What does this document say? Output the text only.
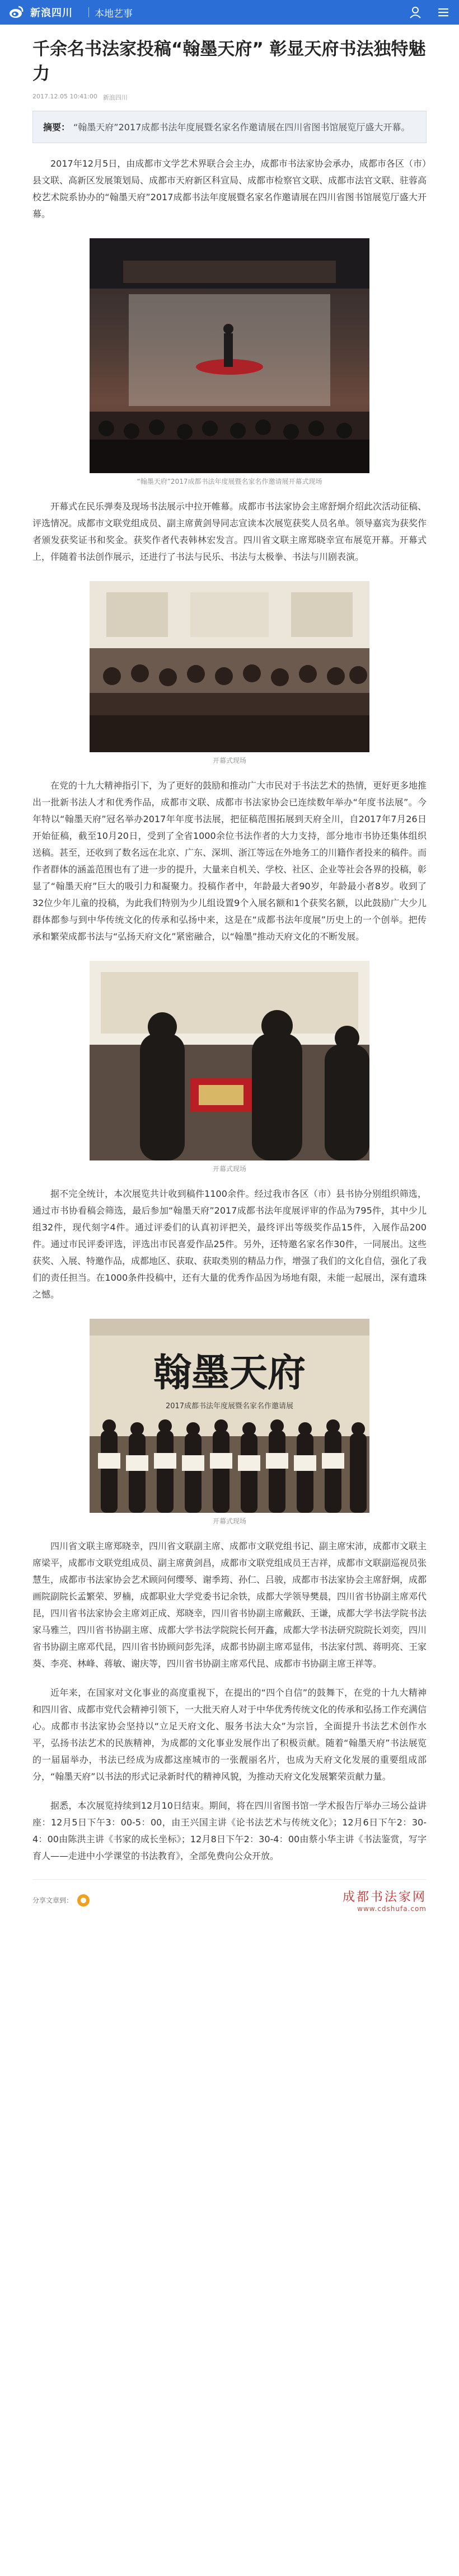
新浪四川 本地艺事
千余名书法家投稿“翰墨天府” 彰显天府书法独特魅力
2017.12.05 10:41:00 新浪四川
摘要： “翰墨天府”2017成都书法年度展暨名家名作邀请展在四川省图书馆展览厅盛大开幕。

2017年12月5日，由成都市文学艺术界联合会主办，成都市书法家协会承办，成都市各区（市）县文联、高新区发展策划局、成都市天府新区科宣局、成都市检察官文联、成都市法官文联、驻蓉高校艺术院系协办的“翰墨天府”2017成都书法年度展暨名家名作邀请展在四川省图书馆展览厅盛大开幕。

“翰墨天府”2017成都书法年度展暨名家名作邀请展开幕式现场

开幕式在民乐弹奏及现场书法展示中拉开帷幕。成都市书法家协会主席舒炯介绍此次活动征稿、评选情况。成都市文联党组成员、副主席黄剑导同志宣读本次展览获奖人员名单。领导嘉宾为获奖作者颁发获奖证书和奖金。获奖作者代表韩林宏发言。四川省文联主席郑晓幸宣布展览开幕。开幕式上，伴随着书法创作展示，还进行了书法与民乐、书法与太极拳、书法与川剧表演。

开幕式现场

在党的十九大精神指引下，为了更好的鼓励和推动广大市民对于书法艺术的热情，更好更多地推出一批新书法人才和优秀作品，成都市文联、成都市书法家协会已连续数年举办“年度书法展”。今年特以“翰墨天府”冠名举办2017年年度书法展，把征稿范围拓展到天府全川，自2017年7月26日开始征稿，截至10月20日，受到了全省1000余位书法作者的大力支持，部分地市书协还集体组织送稿。甚至，还收到了数名远在北京、广东、深圳、浙江等远在外地务工的川籍作者投来的稿件。而作者群体的涵盖范围也有了进一步的提升，大量来自机关、学校、社区、企业等社会各界的投稿，彰显了“翰墨天府”巨大的吸引力和凝聚力。投稿作者中，年龄最大者90岁，年龄最小者8岁。收到了32位少年儿童的投稿，为此我们特别为少儿组设置9个入展名额和1个获奖名额，以此鼓励广大少儿群体都参与到中华传统文化的传承和弘扬中来，这是在“成都书法年度展”历史上的一个创举。把传承和繁荣成都书法与“弘扬天府文化”紧密融合，以“翰墨”推动天府文化的不断发展。

开幕式现场

据不完全统计，本次展览共计收到稿件1100余件。经过我市各区（市）县书协分别组织筛选，通过市书协看稿会筛选，最后参加“翰墨天府”2017成都书法年度展评审的作品为795件，其中少儿组32件，现代刻字4件。通过评委们的认真初评把关，最终评出等级奖作品15件，入展作品200件。通过市民评委评选，评选出市民喜爱作品25件。另外，还特邀名家名作30件，一同展出。这些获奖、入展、特邀作品，成都地区、获取、获取类别的精品力作，增强了我们的文化自信，强化了我们的责任担当。在1000条件投稿中，还有大量的优秀作品因为场地有限，未能一起展出，深有遗珠之憾。

翰墨天府
2017成都书法年度展暨名家名作邀请展
开幕式现场

四川省文联主席郑晓幸，四川省文联副主席、成都市文联党组书记、副主席宋沛，成都市文联主席梁平，成都市文联党组成员、副主席黄剑昌，成都市文联党组成员王吉祥，成都市文联副巡视员张慧生，成都市书法家协会艺术顾问何缨琴、谢季筠、孙仁、吕骏，成都市书法家协会主席舒炯，成都画院副院长孟繁荣、罗楠，成都职业大学党委书记余铁，成都大学领导樊晨，四川省书协副主席邓代昆，四川省书法家协会主席刘正成、郑晓幸，四川省书协副主席戴跃、王谦，成都大学书法学院书法家马雅兰，四川省书协副主席、成都大学书法学院院长何开鑫，成都大学书法研究院院长刘奕，四川省书协副主席邓代昆，四川省书协顾问彭先泽，成都书协副主席邓显伟，书法家付凯、蒋明亮、王家葵、李亮、林峰、蒋敏、谢庆等，四川省书协副主席邓代昆、成都市书协副主席王祥等。

近年来，在国家对文化事业的高度重视下，在提出的“四个自信”的鼓舞下，在党的十九大精神和四川省、成都市党代会精神引领下，一大批天府人对于中华优秀传统文化的传承和弘扬工作充满信心。成都市书法家协会坚持以“立足天府文化、服务书法大众”为宗旨，全面提升书法艺术创作水平，弘扬书法艺术的民族精神，为成都的文化事业发展作出了积极贡献。随着“翰墨天府”书法展览的一届届举办，书法已经成为成都这座城市的一张靓丽名片，也成为天府文化发展的重要组成部分，“翰墨天府”以书法的形式记录新时代的精神风貌，为推动天府文化发展繁荣贡献力量。

据悉，本次展览持续到12月10日结束。期间，将在四川省图书馆一学术报告厅举办三场公益讲座：12月5日下午3：00-5：00，由王兴国主讲《论书法艺术与传统文化》；12月6日下午2：30-4：00由陈洪主讲《书家的成长坐标》；12月8日下午2：30-4：00由蔡小华主讲《书法鉴赏，写字育人——走进中小学课堂的书法教育》，全部免费向公众开放。

分享文章到：	成都书法家网
www.cdshufa.com
